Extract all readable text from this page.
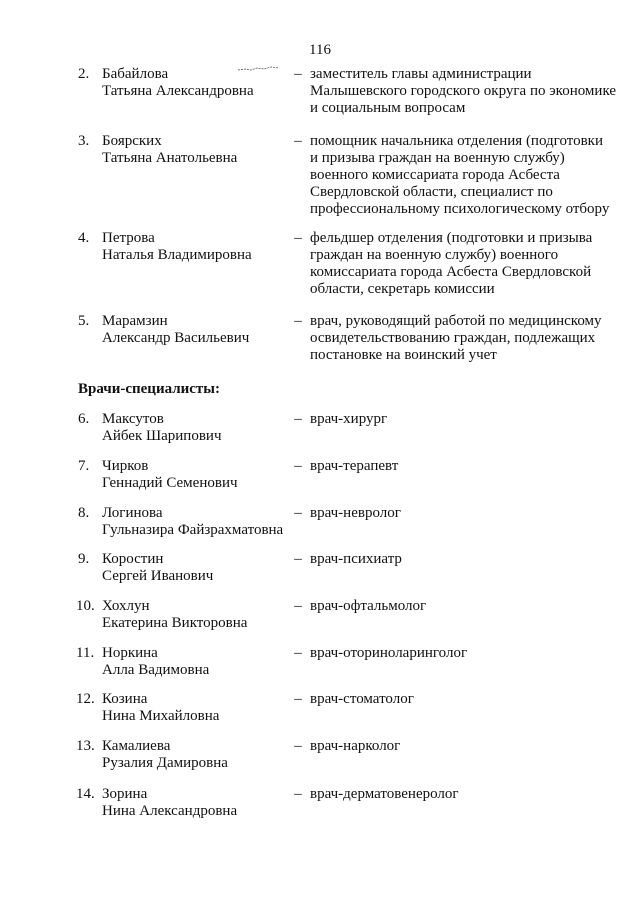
116
2. Бабайлова
Татьяна Александровна
– заместитель главы администрации
Малышевского городского округа по экономике
и социальным вопросам
3. Боярских
Татьяна Анатольевна
– помощник начальника отделения (подготовки
и призыва граждан на военную службу)
военного комиссариата города Асбеста
Свердловской области, специалист по
профессиональному психологическому отбору
4. Петрова
Наталья Владимировна
– фельдшер отделения (подготовки и призыва
граждан на военную службу) военного
комиссариата города Асбеста Свердловской
области, секретарь комиссии
5. Марамзин
Александр Васильевич
– врач, руководящий работой по медицинскому
освидетельствованию граждан, подлежащих
постановке на воинский учет
Врачи-специалисты:
6. Максутов
Айбек Шарипович
– врач-хирург
7. Чирков
Геннадий Семенович
– врач-терапевт
8. Логинова
Гульназира Файзрахматовна
– врач-невролог
9. Коростин
Сергей Иванович
– врач-психиатр
10. Хохлун
Екатерина Викторовна
– врач-офтальмолог
11. Норкина
Алла Вадимовна
– врач-оториноларинголог
12. Козина
Нина Михайловна
– врач-стоматолог
13. Камалиева
Рузалия Дамировна
– врач-нарколог
14. Зорина
Нина Александровна
– врач-дерматовенеролог
